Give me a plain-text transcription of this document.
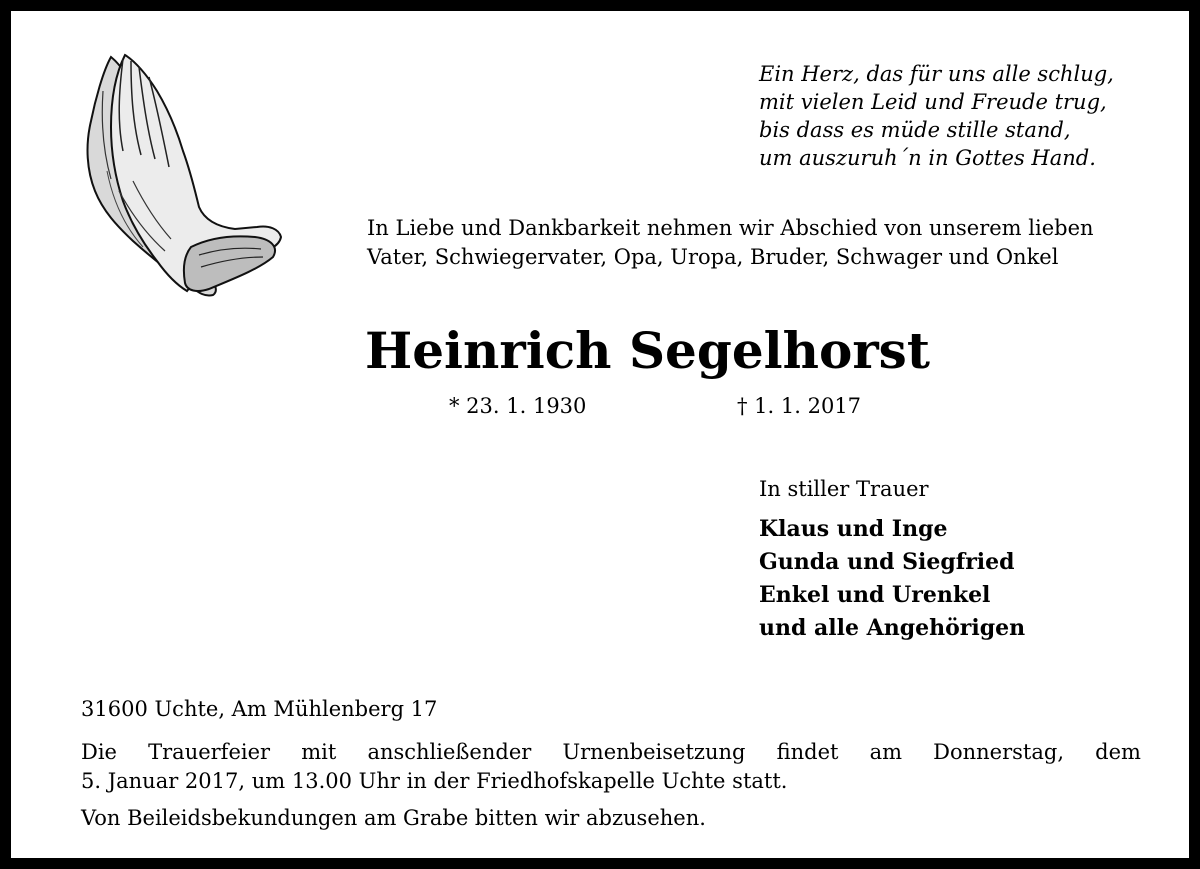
Ein Herz, das für uns alle schlug,
mit vielen Leid und Freude trug,
bis dass es müde stille stand,
um auszuruh´n in Gottes Hand.
In Liebe und Dankbarkeit nehmen wir Abschied von unserem lieben
Vater, Schwiegervater, Opa, Uropa, Bruder, Schwager und Onkel
Heinrich Segelhorst
* 23. 1. 1930	† 1. 1. 2017
In stiller Trauer
Klaus und Inge
Gunda und Siegfried
Enkel und Urenkel
und alle Angehörigen
31600 Uchte, Am Mühlenberg 17
Die Trauerfeier mit anschließender Urnenbeisetzung findet am Donnerstag, dem
5. Januar 2017, um 13.00 Uhr in der Friedhofskapelle Uchte statt.
Von Beileidsbekundungen am Grabe bitten wir abzusehen.
